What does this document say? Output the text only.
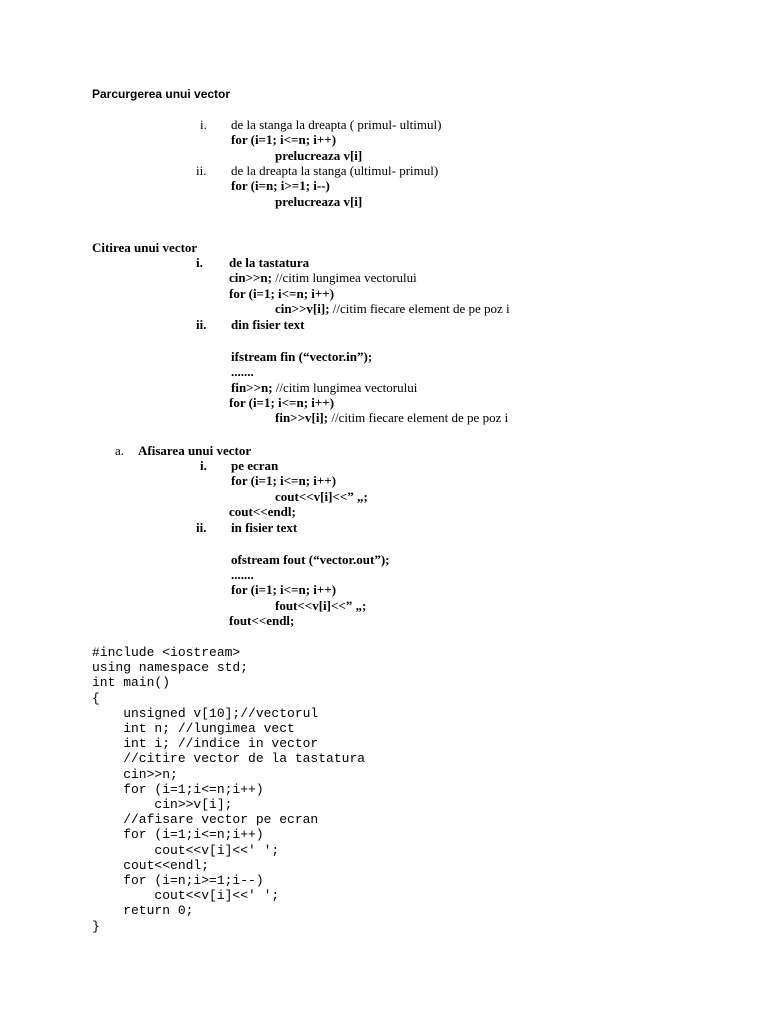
Parcurgerea unui vector
i. de la stanga la dreapta ( primul- ultimul)
for (i=1; i<=n; i++)
prelucreaza v[i]
ii. de la dreapta la stanga (ultimul- primul)
for (i=n; i>=1; i--)
prelucreaza v[i]
Citirea unui vector
i. de la tastatura
cin>>n; //citim lungimea vectorului
for (i=1; i<=n; i++)
cin>>v[i]; //citim fiecare element de pe poz i
ii. din fisier text
ifstream fin (“vector.in”);
.......
fin>>n; //citim lungimea vectorului
for (i=1; i<=n; i++)
fin>>v[i]; //citim fiecare element de pe poz i
a. Afisarea unui vector
i. pe ecran
for (i=1; i<=n; i++)
cout<<v[i]<<” „;
cout<<endl;
ii. in fisier text
ofstream fout (“vector.out”);
.......
for (i=1; i<=n; i++)
fout<<v[i]<<” „;
fout<<endl;
#include <iostream>
using namespace std;
int main()
{
unsigned v[10];//vectorul
int n; //lungimea vect
int i; //indice in vector
//citire vector de la tastatura
cin>>n;
for (i=1;i<=n;i++)
cin>>v[i];
//afisare vector pe ecran
for (i=1;i<=n;i++)
cout<<v[i]<<' ';
cout<<endl;
for (i=n;i>=1;i--)
cout<<v[i]<<' ';
return 0;
}
